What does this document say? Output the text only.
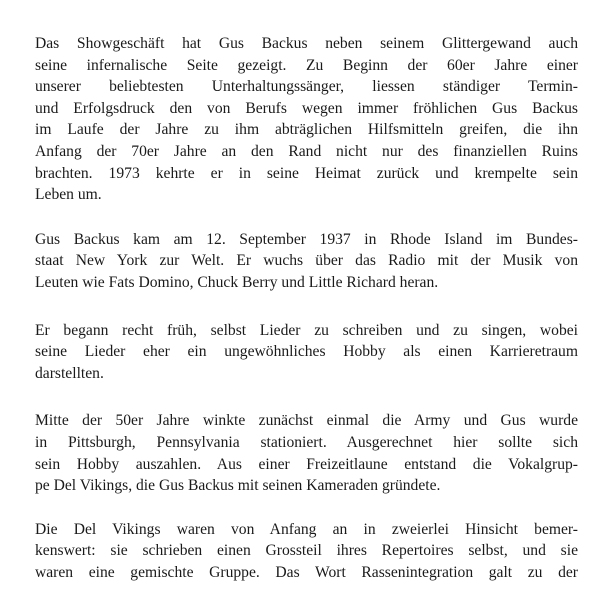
Das Showgeschäft hat Gus Backus neben seinem Glittergewand auch
seine infernalische Seite gezeigt. Zu Beginn der 60er Jahre einer
unserer beliebtesten Unterhaltungssänger, liessen ständiger Termin-
und Erfolgsdruck den von Berufs wegen immer fröhlichen Gus Backus
im Laufe der Jahre zu ihm abträglichen Hilfsmitteln greifen, die ihn
Anfang der 70er Jahre an den Rand nicht nur des finanziellen Ruins
brachten. 1973 kehrte er in seine Heimat zurück und krempelte sein
Leben um.

Gus Backus kam am 12. September 1937 in Rhode Island im Bundes-
staat New York zur Welt. Er wuchs über das Radio mit der Musik von
Leuten wie Fats Domino, Chuck Berry und Little Richard heran.

Er begann recht früh, selbst Lieder zu schreiben und zu singen, wobei
seine Lieder eher ein ungewöhnliches Hobby als einen Karrieretraum
darstellten.

Mitte der 50er Jahre winkte zunächst einmal die Army und Gus wurde
in Pittsburgh, Pennsylvania stationiert. Ausgerechnet hier sollte sich
sein Hobby auszahlen. Aus einer Freizeitlaune entstand die Vokalgrup-
pe Del Vikings, die Gus Backus mit seinen Kameraden gründete.

Die Del Vikings waren von Anfang an in zweierlei Hinsicht bemer-
kenswert: sie schrieben einen Grossteil ihres Repertoires selbst, und sie
waren eine gemischte Gruppe. Das Wort Rassenintegration galt zu der
